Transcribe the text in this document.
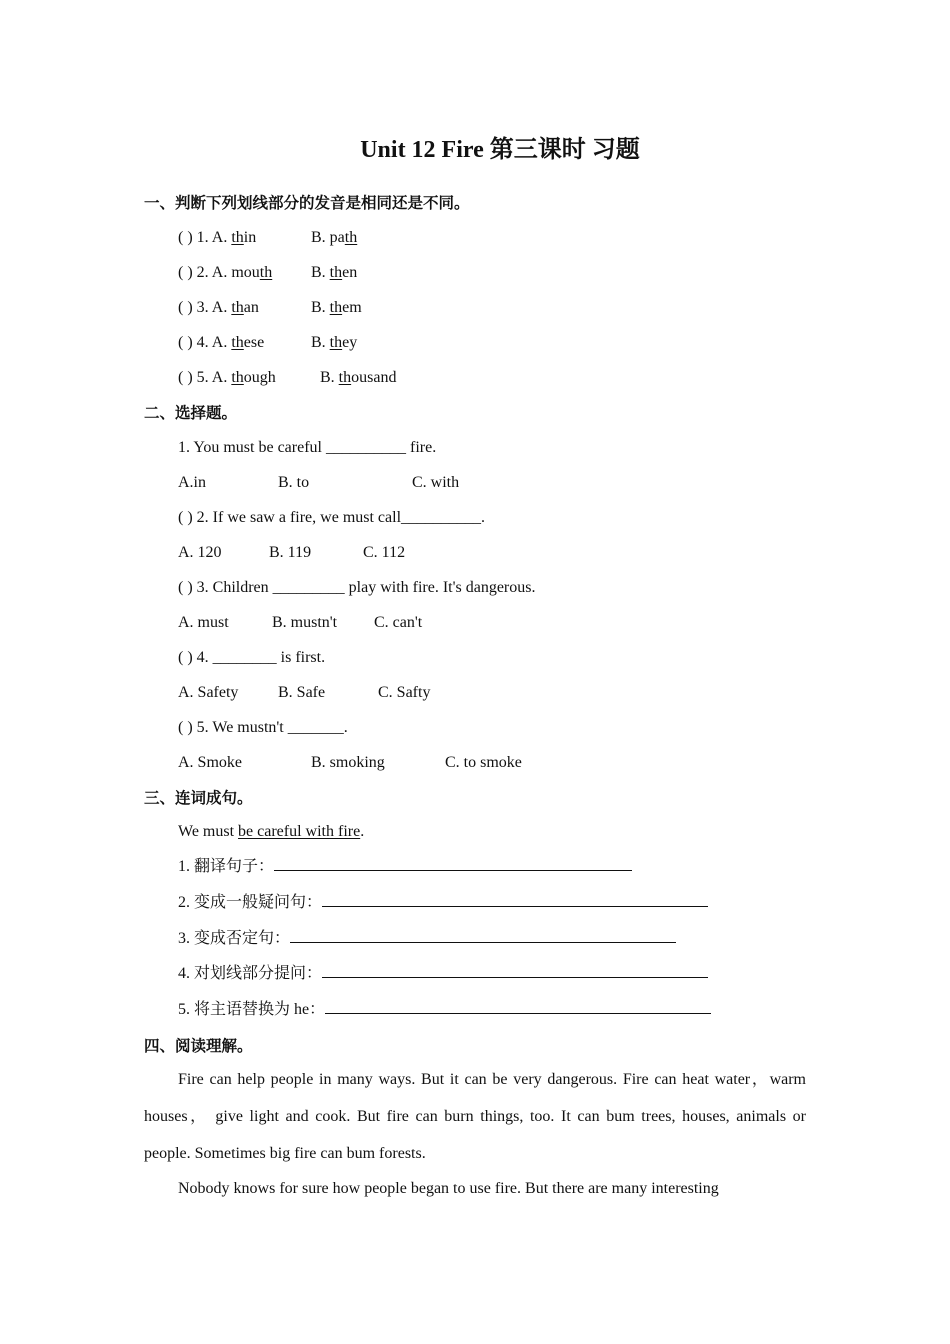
Unit 12 Fire 第三课时 习题
一、判断下列划线部分的发音是相同还是不同。
( ) 1. A. thin	B. path
( ) 2. A. mouth B. then
( ) 3. A. than	B. them
( ) 4. A. these	B. they
( ) 5. A. though	B. thousand
二、选择题。
1. You must be careful __________ fire.
A.in	B. to	C. with
( ) 2. If we saw a fire, we must call__________.
A. 120	B. 119	C. 112
( ) 3. Children _________ play with fire. It's dangerous.
A. must	B. mustn't C. can't
( ) 4. ________ is first.
A. Safety B. Safe	C. Safty
( ) 5. We mustn't _______.
A. Smoke	B. smoking	C. to smoke
三、连词成句。
We must be careful with fire.
1. 翻译句子：
2. 变成一般疑问句：
3. 变成否定句：
4. 对划线部分提问：
5. 将主语替换为 he：
四、阅读理解。

Fire can help people in many ways. But it can be very dangerous. Fire can heat water，warm houses， give light and cook. But fire can burn things, too. It can bum trees, houses, animals or people. Sometimes big fire can bum forests.

Nobody knows for sure how people began to use fire. But there are many interesting
